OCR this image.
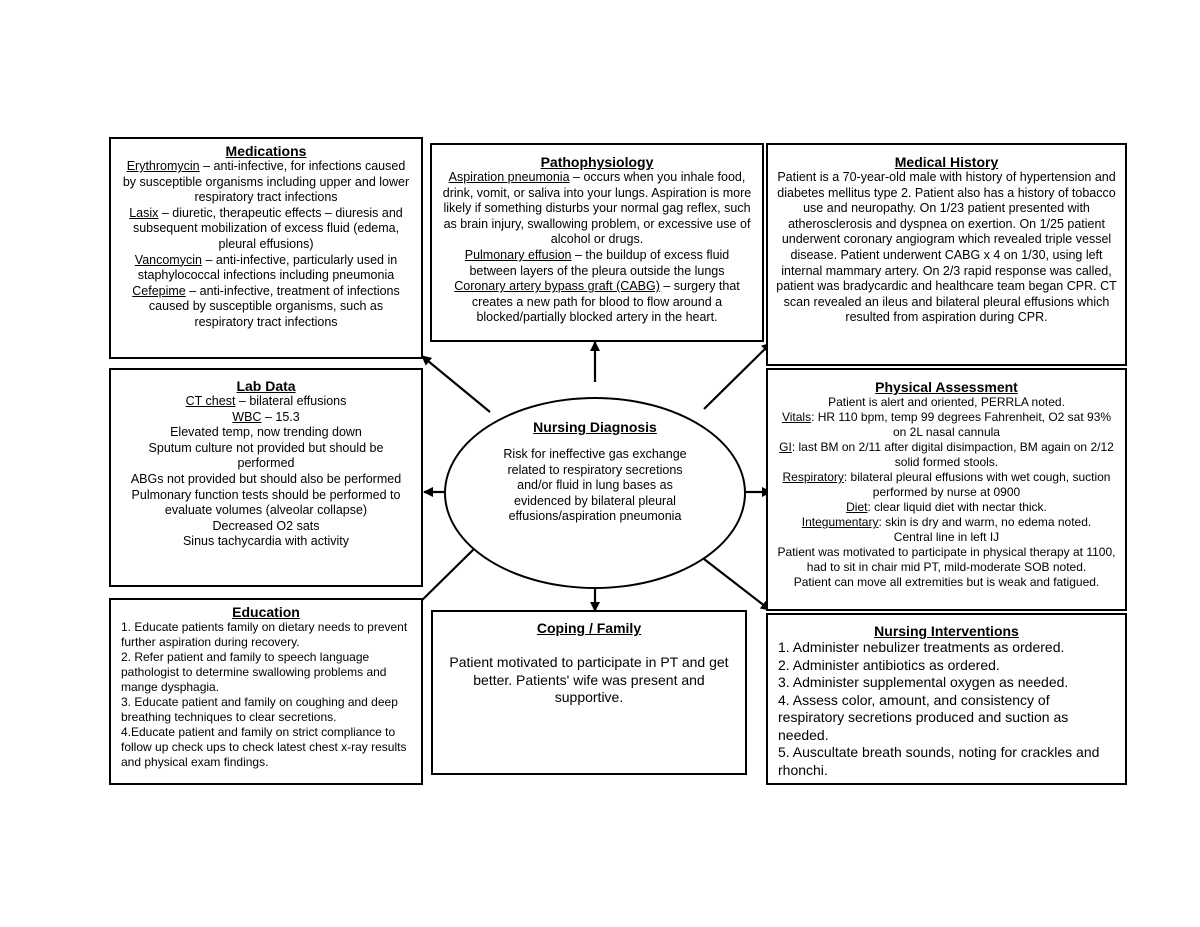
Medications
Erythromycin – anti-infective, for infections caused by susceptible organisms including upper and lower respiratory tract infections
Lasix – diuretic, therapeutic effects – diuresis and subsequent mobilization of excess fluid (edema, pleural effusions)
Vancomycin – anti-infective, particularly used in staphylococcal infections including pneumonia
Cefepime – anti-infective, treatment of infections caused by susceptible organisms, such as respiratory tract infections
Pathophysiology
Aspiration pneumonia – occurs when you inhale food, drink, vomit, or saliva into your lungs. Aspiration is more likely if something disturbs your normal gag reflex, such as brain injury, swallowing problem, or excessive use of alcohol or drugs.
Pulmonary effusion – the buildup of excess fluid between layers of the pleura outside the lungs
Coronary artery bypass graft (CABG) – surgery that creates a new path for blood to flow around a blocked/partially blocked artery in the heart.
Medical History

Patient is a 70-year-old male with history of hypertension and diabetes mellitus type 2. Patient also has a history of tobacco use and neuropathy. On 1/23 patient presented with atherosclerosis and dyspnea on exertion. On 1/25 patient underwent coronary angiogram which revealed triple vessel disease. Patient underwent CABG x 4 on 1/30, using left internal mammary artery. On 2/3 rapid response was called, patient was bradycardic and healthcare team began CPR. CT scan revealed an ileus and bilateral pleural effusions which resulted from aspiration during CPR.

Lab Data
CT chest – bilateral effusions
WBC – 15.3
Elevated temp, now trending down
Sputum culture not provided but should be performed
ABGs not provided but should also be performed
Pulmonary function tests should be performed to evaluate volumes (alveolar collapse)
Decreased O2 sats
Sinus tachycardia with activity
Nursing Diagnosis

Risk for ineffective gas exchange related to respiratory secretions and/or fluid in lung bases as evidenced by bilateral pleural effusions/aspiration pneumonia

Physical Assessment
Patient is alert and oriented, PERRLA noted.
Vitals: HR 110 bpm, temp 99 degrees Fahrenheit, O2 sat 93% on 2L nasal cannula
GI: last BM on 2/11 after digital disimpaction, BM again on 2/12 solid formed stools.
Respiratory: bilateral pleural effusions with wet cough, suction performed by nurse at 0900
Diet: clear liquid diet with nectar thick.
Integumentary: skin is dry and warm, no edema noted.
Central line in left IJ
Patient was motivated to participate in physical therapy at 1100, had to sit in chair mid PT, mild-moderate SOB noted.
Patient can move all extremities but is weak and fatigued.
Education
1. Educate patients family on dietary needs to prevent further aspiration during recovery.
2. Refer patient and family to speech language pathologist to determine swallowing problems and mange dysphagia.
3. Educate patient and family on coughing and deep breathing techniques to clear secretions.
4.Educate patient and family on strict compliance to follow up check ups to check latest chest x-ray results and physical exam findings.
Coping / Family

Patient motivated to participate in PT and get better. Patients' wife was present and supportive.

Nursing Interventions
1. Administer nebulizer treatments as ordered.
2. Administer antibiotics as ordered.
3. Administer supplemental oxygen as needed.
4. Assess color, amount, and consistency of respiratory secretions produced and suction as needed.
5. Auscultate breath sounds, noting for crackles and rhonchi.
